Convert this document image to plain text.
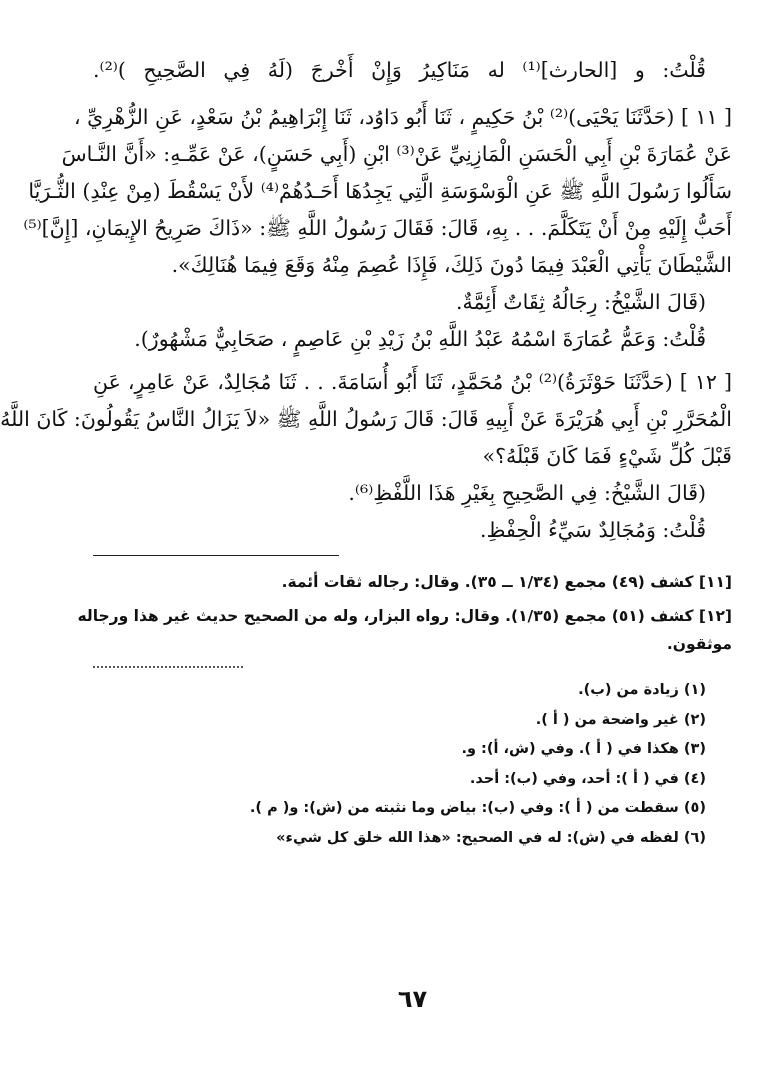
قُلْتُ: و [الحارث]⁽¹⁾ له مَنَاكِيرُ وَإِنْ أَخْرجَ (لَهُ فِي الصَّحِيحِ )⁽²⁾.
[ ١١ ] (حَدَّثَنَا يَحْيَى)⁽²⁾ بْنُ حَكِيمٍ ، ثَنَا أَبُو دَاوُد، ثَنَا إِبْرَاهِيمُ بْنُ سَعْدٍ، عَنِ الزُّهْرِيِّ ،
عَنْ عُمَارَةَ بْنِ أَبِي الْحَسَنِ الْمَازِنِيِّ عَنْ⁽³⁾ ابْنِ (أَبِي حَسَنٍ)، عَنْ عَمِّـهِ: «أَنَّ النَّـاسَ
سَأَلُوا رَسُولَ اللَّهِ ﷺ عَنِ الْوَسْوَسَةِ الَّتِي يَجِدُهَا أَحَـدُهُمْ⁽⁴⁾ لأَنْ يَسْقُطَ (مِنْ عِنْدِ) الثُّـرَيَّا
أَحَبُّ إِلَيْهِ مِنْ أَنْ يَتَكَلَّمَ. . . بِهِ، قَالَ: فَقَالَ رَسُولُ اللَّهِ ﷺ: «ذَاكَ صَرِيحُ الإِيمَانِ، [إِنَّ]⁽⁵⁾
الشَّيْطَانَ يَأْتِي الْعَبْدَ فِيمَا دُونَ ذَلِكَ، فَإِذَا عُصِمَ مِنْهُ وَقَعَ فِيمَا هُنَالِكَ».
(قَالَ الشَّيْخُ: رِجَالُهُ ثِقَاتٌ أَئِمَّةٌ.
قُلْتُ: وَعَمُّ عُمَارَةَ اسْمُهُ عَبْدُ اللَّهِ بْنُ زَيْدِ بْنِ عَاصِمٍ ، صَحَابِيٌّ مَشْهُورٌ).
[ ١٢ ] (حَدَّثَنَا حَوْثَرَةُ)⁽²⁾ بْنُ مُحَمَّدٍ، ثَنَا أَبُو أُسَامَةَ. . . ثَنَا مُجَالِدٌ، عَنْ عَامِرٍ، عَنِ
الْمُحَرَّرِ بْنِ أَبِي هُرَيْرَةَ عَنْ أَبِيهِ قَالَ: قَالَ رَسُولُ اللَّهِ ﷺ «لاَ يَزَالُ النَّاسُ يَقُولُونَ: كَانَ اللَّهُ
قَبْلَ كُلِّ شَيْءٍ فَمَا كَانَ قَبْلَهُ؟»
(قَالَ الشَّيْخُ: فِي الصَّحِيحِ بِغَيْرِ هَذَا اللَّفْظِ⁽⁶⁾.
قُلْتُ: وَمُجَالِدٌ سَيِّءُ الْحِفْظِ.
[١١] كشف (٤٩) مجمع (١/٣٤ ــ ٣٥). وقال: رجاله ثقات أئمة.
[١٢] كشف (٥١) مجمع (١/٣٥). وقال: رواه البزار، وله من الصحيح حديث غير هذا ورجاله
موثقون.
(١) زيادة من (ب).
(٢) غير واضحة من ( أ ).
(٣) هكذا في ( أ ). وفي (ش، أ): و.
(٤) في ( أ ): أحد، وفي (ب): أحد.
(٥) سقطت من ( أ ): وفي (ب): بياض وما نثبته من (ش): و( م ).
(٦) لفظه في (ش): له في الصحيح: «هذا الله خلق كل شيء»
٦٧
